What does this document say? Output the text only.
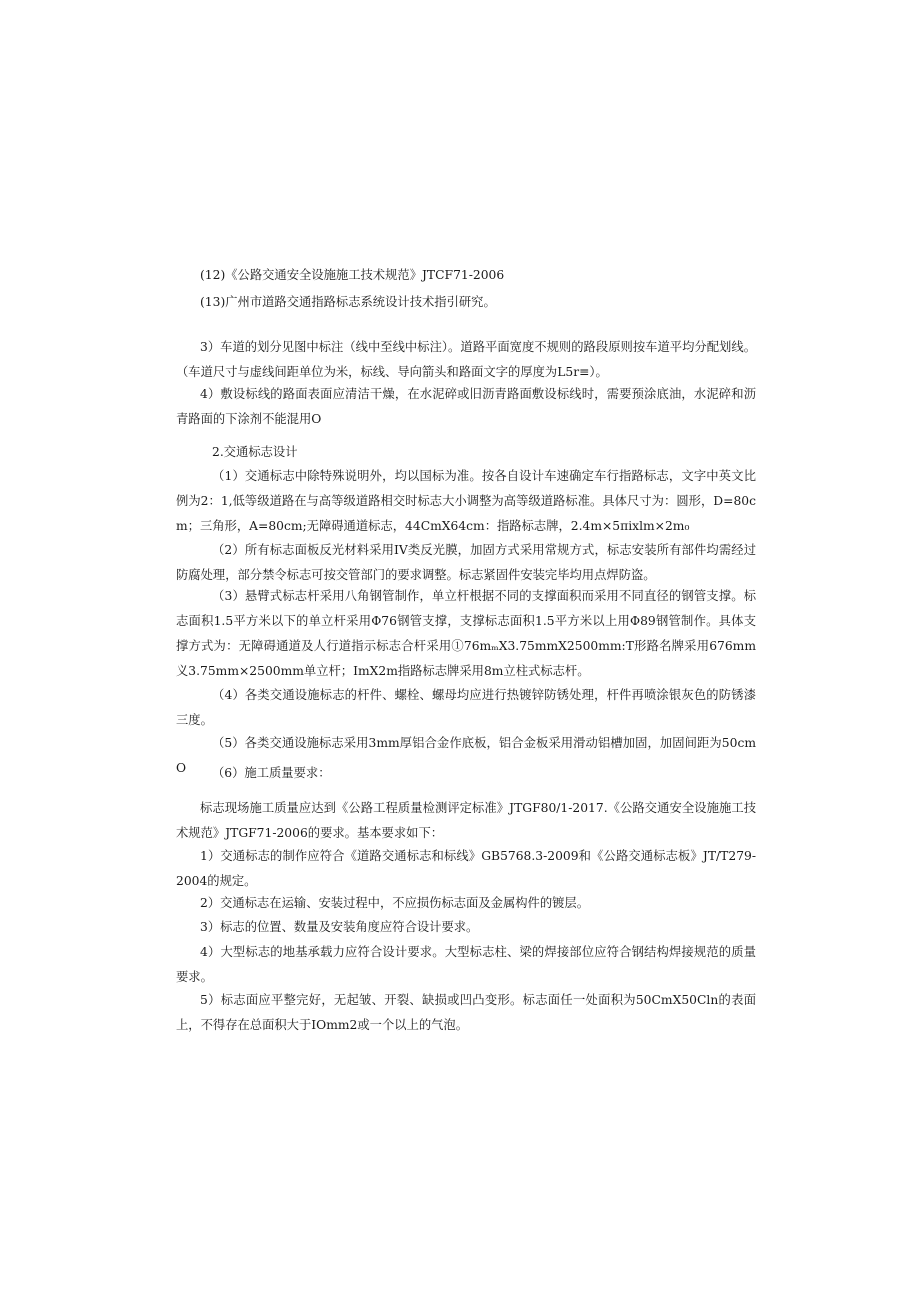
(12)《公路交通安全设施施工技术规范》JTCF71-2006
(13)广州市道路交通指路标志系统设计技术指引研究。
3）车道的划分见图中标注（线中至线中标注）。道路平面宽度不规则的路段原则按车道平均分配划线。（车道尺寸与虚线间距单位为米，标线、导向箭头和路面文字的厚度为L5r≡）。
4）敷设标线的路面表面应清洁干燥，在水泥碎或旧沥青路面敷设标线时，需要预涂底油，水泥碎和沥青路面的下涂剂不能混用O
2.交通标志设计
（1）交通标志中除特殊说明外，均以国标为准。按各自设计车速确定车行指路标志，文字中英文比例为2：1,低等级道路在与高等级道路相交时标志大小调整为高等级道路标准。具体尺寸为：圆形，D=80cm；三角形，A=80cm;无障碍通道标志，44CmX64cm：指路标志牌，2.4m×5πixlm×2m₀
（2）所有标志面板反光材料采用IV类反光膜，加固方式采用常规方式，标志安装所有部件均需经过防腐处理，部分禁令标志可按交管部门的要求调整。标志紧固件安装完毕均用点焊防盗。
（3）悬臂式标志杆采用八角钢管制作，单立杆根据不同的支撑面积而采用不同直径的钢管支撑。标志面积1.5平方米以下的单立杆采用Φ76钢管支撑，支撑标志面积1.5平方米以上用Φ89钢管制作。具体支撑方式为：无障碍通道及人行道指示标志合杆采用①76mₘX3.75mmX2500mm:T形路名牌采用676mm义3.75mm×2500mm单立杆；ImX2m指路标志牌采用8m立柱式标志杆。
（4）各类交通设施标志的杆件、螺栓、螺母均应进行热镀锌防锈处理，杆件再喷涂银灰色的防锈漆三度。
（5）各类交通设施标志采用3mm厚铝合金作底板，铝合金板采用滑动铝槽加固，加固间距为50cmO	（6）施工质量要求：
标志现场施工质量应达到《公路工程质量检测评定标准》JTGF80/1-2017.《公路交通安全设施施工技术规范》JTGF71-2006的要求。基本要求如下：
1）交通标志的制作应符合《道路交通标志和标线》GB5768.3-2009和《公路交通标志板》JT/T279-2004的规定。
2）交通标志在运输、安装过程中，不应损伤标志面及金属构件的镀层。
3）标志的位置、数量及安装角度应符合设计要求。
4）大型标志的地基承载力应符合设计要求。大型标志柱、梁的焊接部位应符合钢结构焊接规范的质量要求。
5）标志面应平整完好，无起皱、开裂、缺损或凹凸变形。标志面任一处面积为50CmX50Cln的表面上，不得存在总面积大于IOmm2或一个以上的气泡。
